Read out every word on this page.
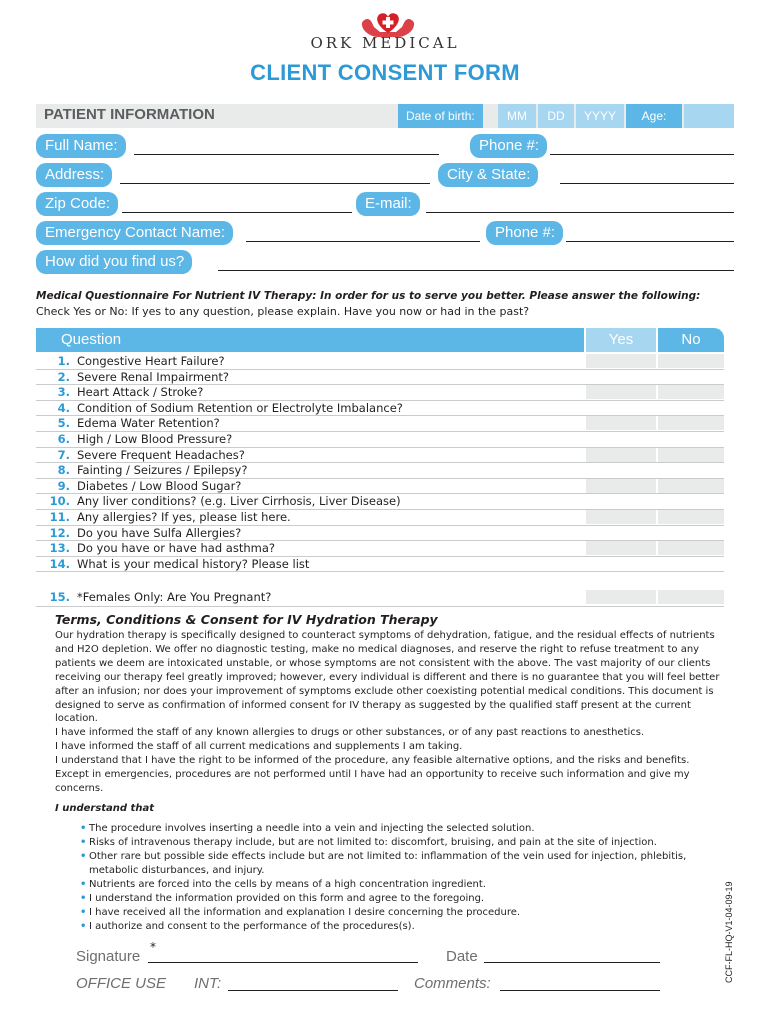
ORK MEDICAL
CLIENT CONSENT FORM
PATIENT INFORMATION	Date of birth:	MM	DD	YYYY	Age:
Full Name:	Phone #:
Address:	City & State:
Zip Code:	E-mail:
Emergency Contact Name:	Phone #:
How did you find us?
Medical Questionnaire For Nutrient IV Therapy: In order for us to serve you better. Please answer the following:
Check Yes or No: If yes to any question, please explain. Have you now or had in the past?
Question	Yes	No
1. Congestive Heart Failure?
2. Severe Renal Impairment?
3. Heart Attack / Stroke?
4. Condition of Sodium Retention or Electrolyte Imbalance?
5. Edema Water Retention?
6. High / Low Blood Pressure?
7. Severe Frequent Headaches?
8. Fainting / Seizures / Epilepsy?
9. Diabetes / Low Blood Sugar?
10. Any liver conditions? (e.g. Liver Cirrhosis, Liver Disease)
11. Any allergies? If yes, please list here.
12. Do you have Sulfa Allergies?
13. Do you have or have had asthma?
14. What is your medical history? Please list
15. *Females Only: Are You Pregnant?
Terms, Conditions & Consent for IV Hydration Therapy
Our hydration therapy is specifically designed to counteract symptoms of dehydration, fatigue, and the residual effects of nutrients and H2O depletion. We offer no diagnostic testing, make no medical diagnoses, and reserve the right to refuse treatment to any patients we deem are intoxicated unstable, or whose symptoms are not consistent with the above. The vast majority of our clients receiving our therapy feel greatly improved; however, every individual is different and there is no guarantee that you will feel better after an infusion; nor does your improvement of symptoms exclude other coexisting potential medical conditions. This document is designed to serve as confirmation of informed consent for IV therapy as suggested by the qualified staff present at the current location.
I have informed the staff of any known allergies to drugs or other substances, or of any past reactions to anesthetics.
I have informed the staff of all current medications and supplements I am taking.
I understand that I have the right to be informed of the procedure, any feasible alternative options, and the risks and benefits. Except in emergencies, procedures are not performed until I have had an opportunity to receive such information and give my concerns.
I understand that
• The procedure involves inserting a needle into a vein and injecting the selected solution.
• Risks of intravenous therapy include, but are not limited to: discomfort, bruising, and pain at the site of injection.
• Other rare but possible side effects include but are not limited to: inflammation of the vein used for injection, phlebitis, metabolic disturbances, and injury.
• Nutrients are forced into the cells by means of a high concentration ingredient.
• I understand the information provided on this form and agree to the foregoing.
• I have received all the information and explanation I desire concerning the procedure.
• I authorize and consent to the performance of the procedures(s).	CCF-FL-HQ-V1-04-09-19
Signature
*
Date
OFFICE USE INT:	Comments:
